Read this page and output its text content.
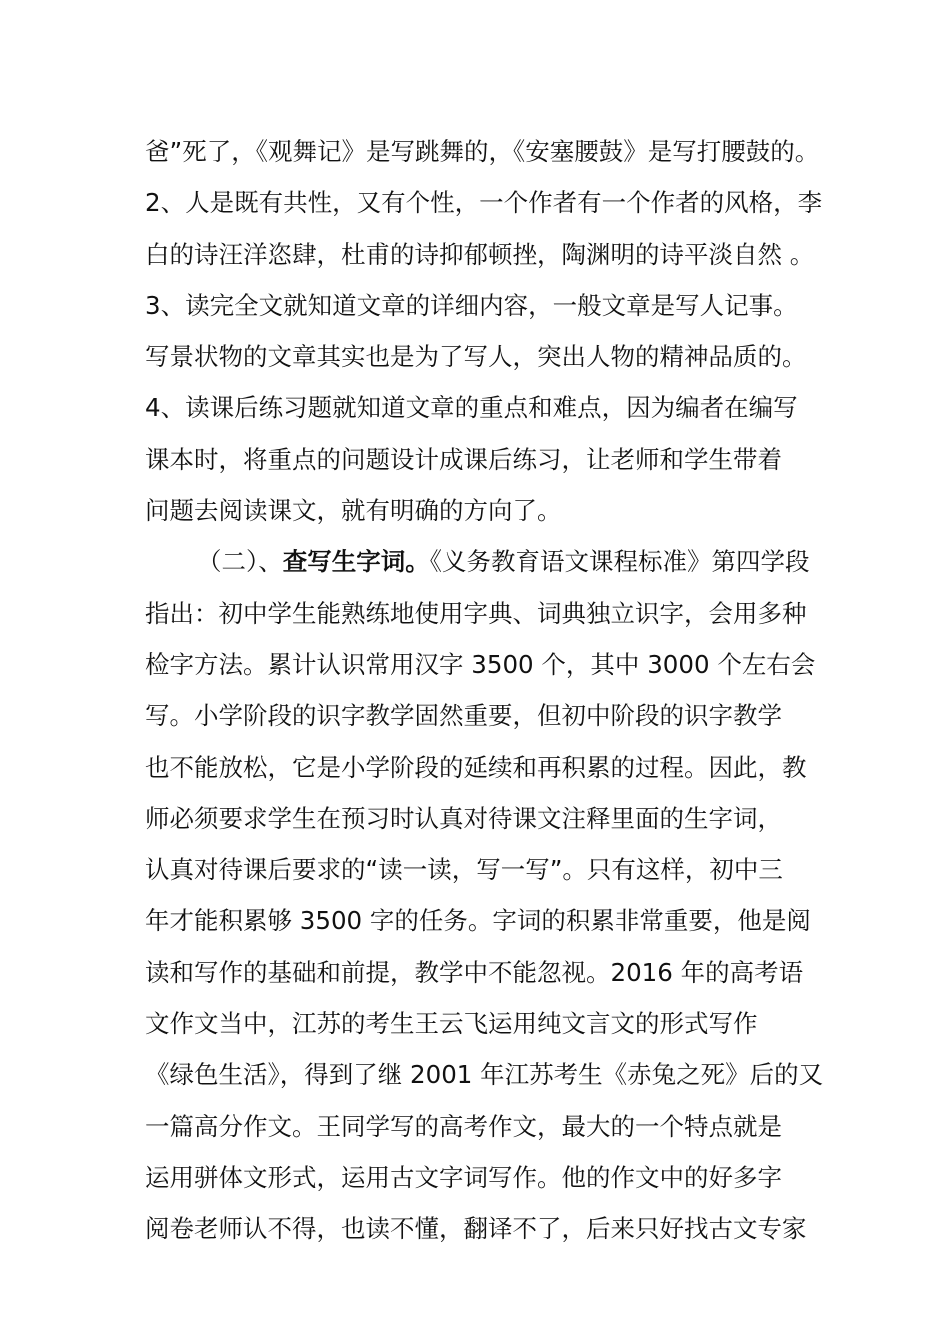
爸”死了，《观舞记》是写跳舞的，《安塞腰鼓》是写打腰鼓的。
2、人是既有共性，又有个性，一个作者有一个作者的风格，李
白的诗汪洋恣肆，杜甫的诗抑郁顿挫，陶渊明的诗平淡自然 。
3、读完全文就知道文章的详细内容，一般文章是写人记事。
写景状物的文章其实也是为了写人，突出人物的精神品质的。
4、读课后练习题就知道文章的重点和难点，因为编者在编写
课本时，将重点的问题设计成课后练习，让老师和学生带着
问题去阅读课文，就有明确的方向了。
（二）、查写生字词。《义务教育语文课程标准》第四学段
指出：初中学生能熟练地使用字典、词典独立识字，会用多种
检字方法。累计认识常用汉字 3500 个，其中 3000 个左右会
写。小学阶段的识字教学固然重要，但初中阶段的识字教学
也不能放松，它是小学阶段的延续和再积累的过程。因此，教
师必须要求学生在预习时认真对待课文注释里面的生字词，
认真对待课后要求的“读一读，写一写”。只有这样，初中三
年才能积累够 3500 字的任务。字词的积累非常重要，他是阅
读和写作的基础和前提，教学中不能忽视。2016 年的高考语
文作文当中，江苏的考生王云飞运用纯文言文的形式写作
《绿色生活》，得到了继 2001 年江苏考生《赤兔之死》后的又
一篇高分作文。王同学写的高考作文，最大的一个特点就是
运用骈体文形式，运用古文字词写作。他的作文中的好多字
阅卷老师认不得，也读不懂，翻译不了，后来只好找古文专家
